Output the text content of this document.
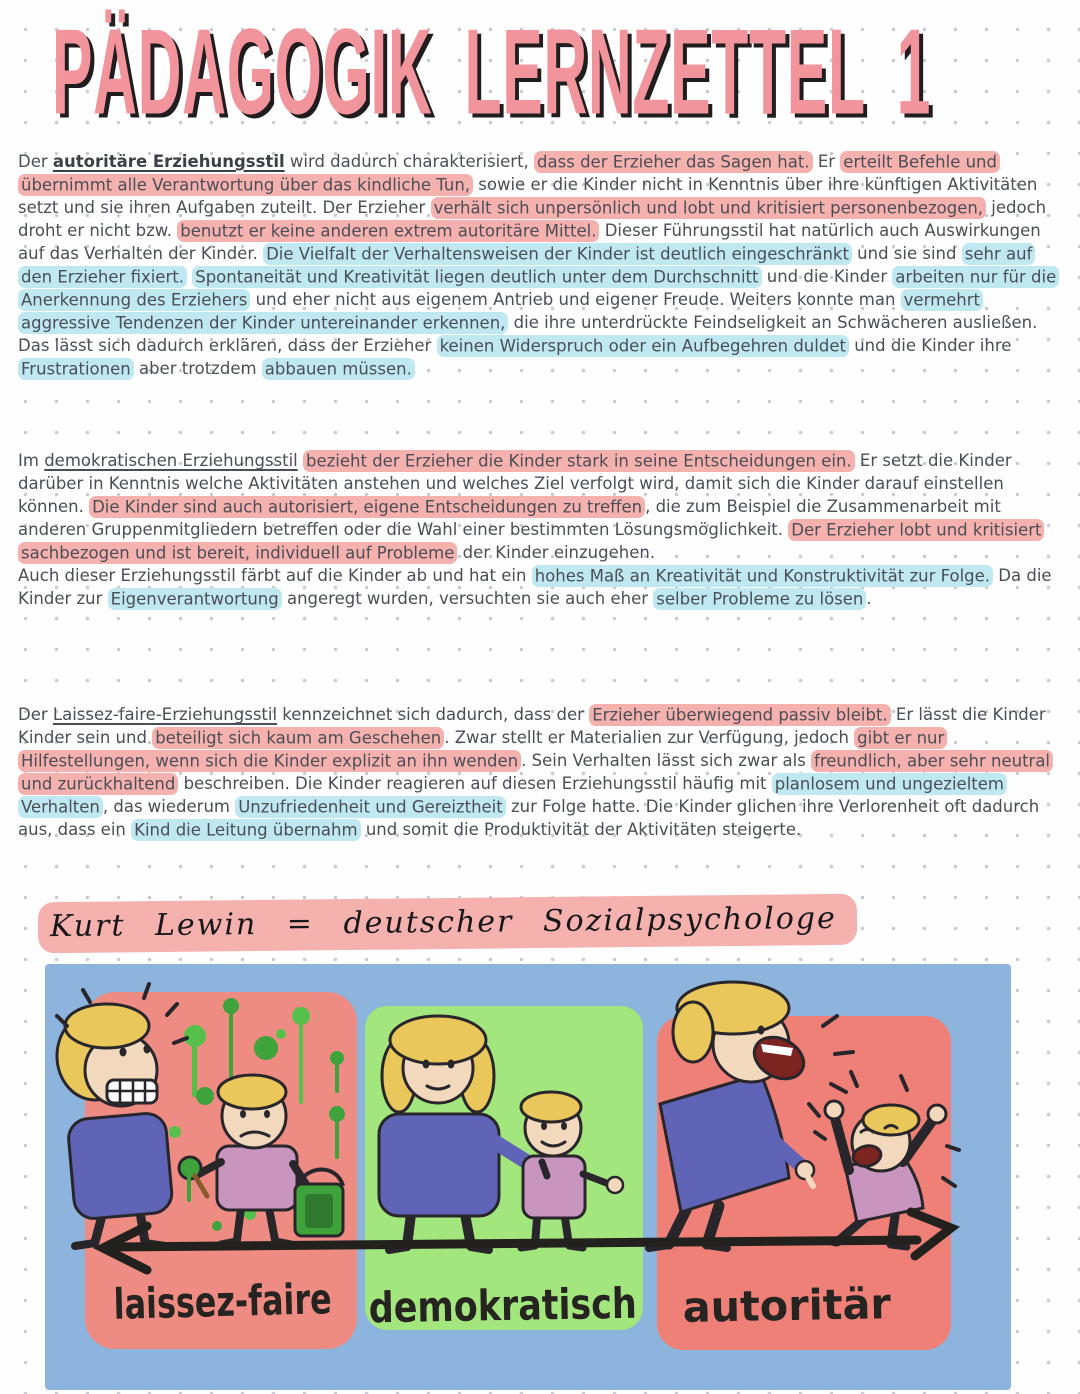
PÄDAGOGIK LERNZETTEL 1

Der autoritäre Erziehungsstil wird dadurch charakterisiert, dass der Erzieher das Sagen hat. Er erteilt Befehle und übernimmt alle Verantwortung über das kindliche Tun, sowie er die Kinder nicht in Kenntnis über ihre künftigen Aktivitäten setzt und sie ihren Aufgaben zuteilt. Der Erzieher verhält sich unpersönlich und lobt und kritisiert personenbezogen, jedoch droht er nicht bzw. benutzt er keine anderen extrem autoritäre Mittel. Dieser Führungsstil hat natürlich auch Auswirkungen auf das Verhalten der Kinder. Die Vielfalt der Verhaltensweisen der Kinder ist deutlich eingeschränkt und sie sind sehr auf den Erzieher fixiert. Spontaneität und Kreativität liegen deutlich unter dem Durchschnitt und die Kinder arbeiten nur für die Anerkennung des Erziehers und eher nicht aus eigenem Antrieb und eigener Freude. Weiters konnte man vermehrt aggressive Tendenzen der Kinder untereinander erkennen, die ihre unterdrückte Feindseligkeit an Schwächeren ausließen. Das lässt sich dadurch erklären, dass der Erzieher keinen Widerspruch oder ein Aufbegehren duldet und die Kinder ihre Frustrationen aber trotzdem abbauen müssen.

Im demokratischen Erziehungsstil bezieht der Erzieher die Kinder stark in seine Entscheidungen ein. Er setzt die Kinder darüber in Kenntnis welche Aktivitäten anstehen und welches Ziel verfolgt wird, damit sich die Kinder darauf einstellen können. Die Kinder sind auch autorisiert, eigene Entscheidungen zu treffen , die zum Beispiel die Zusammenarbeit mit anderen Gruppenmitgliedern betreffen oder die Wahl einer bestimmten Lösungsmöglichkeit. Der Erzieher lobt und kritisiert sachbezogen und ist bereit, individuell auf Probleme der Kinder einzugehen.
Auch dieser Erziehungsstil färbt auf die Kinder ab und hat ein hohes Maß an Kreativität und Konstruktivität zur Folge. Da die Kinder zur Eigenverantwortung angeregt wurden, versuchten sie auch eher selber Probleme zu lösen .

Der Laissez-faire-Erziehungsstil kennzeichnet sich dadurch, dass der Erzieher überwiegend passiv bleibt. Er lässt die Kinder Kinder sein und beteiligt sich kaum am Geschehen . Zwar stellt er Materialien zur Verfügung, jedoch gibt er nur Hilfestellungen, wenn sich die Kinder explizit an ihn wenden . Sein Verhalten lässt sich zwar als freundlich, aber sehr neutral und zurückhaltend beschreiben. Die Kinder reagieren auf diesen Erziehungsstil häufig mit planlosem und ungezieltem Verhalten , das wiederum Unzufriedenheit und Gereiztheit zur Folge hatte. Die Kinder glichen ihre Verlorenheit oft dadurch aus, dass ein Kind die Leitung übernahm und somit die Produktivität der Aktivitäten steigerte.

Kurt Lewin = deutscher Sozialpsychologe
laissez-faire
demokratisch
autoritär
